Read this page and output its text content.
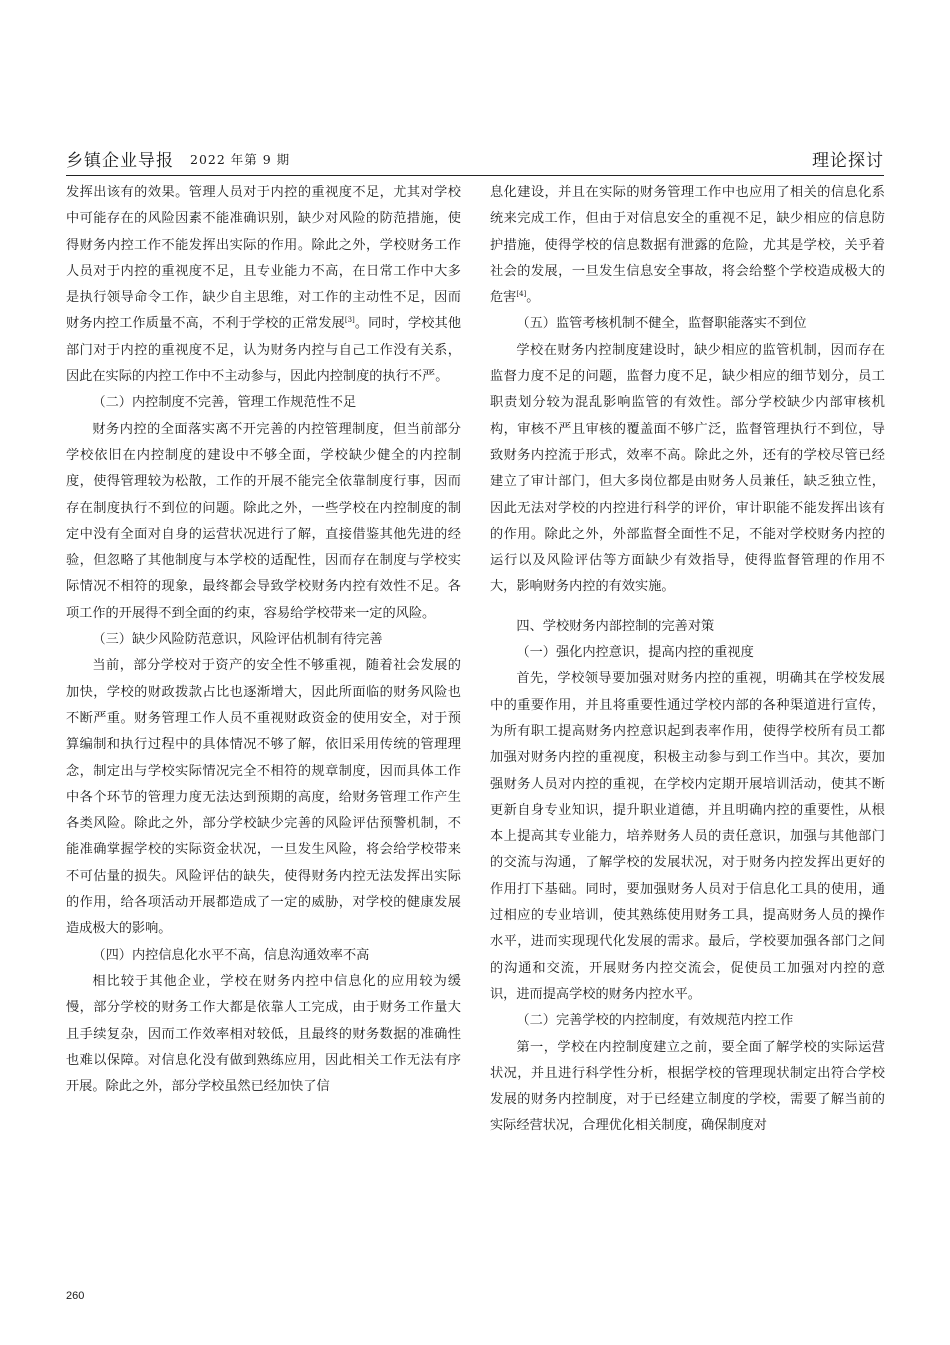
乡镇企业导报 2022 年第 9 期	理论探讨

发挥出该有的效果。管理人员对于内控的重视度不足，尤其对学校中可能存在的风险因素不能准确识别，缺少对风险的防范措施，使得财务内控工作不能发挥出实际的作用。除此之外，学校财务工作人员对于内控的重视度不足，且专业能力不高，在日常工作中大多是执行领导命令工作，缺少自主思维，对工作的主动性不足，因而财务内控工作质量不高，不利于学校的正常发展[3]。同时，学校其他部门对于内控的重视度不足，认为财务内控与自己工作没有关系，因此在实际的内控工作中不主动参与，因此内控制度的执行不严。

（二）内控制度不完善，管理工作规范性不足

财务内控的全面落实离不开完善的内控管理制度，但当前部分学校依旧在内控制度的建设中不够全面，学校缺少健全的内控制度，使得管理较为松散，工作的开展不能完全依靠制度行事，因而存在制度执行不到位的问题。除此之外，一些学校在内控制度的制定中没有全面对自身的运营状况进行了解，直接借鉴其他先进的经验，但忽略了其他制度与本学校的适配性，因而存在制度与学校实际情况不相符的现象，最终都会导致学校财务内控有效性不足。各项工作的开展得不到全面的约束，容易给学校带来一定的风险。

（三）缺少风险防范意识，风险评估机制有待完善

当前，部分学校对于资产的安全性不够重视，随着社会发展的加快，学校的财政拨款占比也逐渐增大，因此所面临的财务风险也不断严重。财务管理工作人员不重视财政资金的使用安全，对于预算编制和执行过程中的具体情况不够了解，依旧采用传统的管理理念，制定出与学校实际情况完全不相符的规章制度，因而具体工作中各个环节的管理力度无法达到预期的高度，给财务管理工作产生各类风险。除此之外，部分学校缺少完善的风险评估预警机制，不能准确掌握学校的实际资金状况，一旦发生风险，将会给学校带来不可估量的损失。风险评估的缺失，使得财务内控无法发挥出实际的作用，给各项活动开展都造成了一定的威胁，对学校的健康发展造成极大的影响。

（四）内控信息化水平不高，信息沟通效率不高

相比较于其他企业，学校在财务内控中信息化的应用较为缓慢，部分学校的财务工作大都是依靠人工完成，由于财务工作量大且手续复杂，因而工作效率相对较低，且最终的财务数据的准确性也难以保障。对信息化没有做到熟练应用，因此相关工作无法有序开展。除此之外，部分学校虽然已经加快了信

息化建设，并且在实际的财务管理工作中也应用了相关的信息化系统来完成工作，但由于对信息安全的重视不足，缺少相应的信息防护措施，使得学校的信息数据有泄露的危险，尤其是学校，关乎着社会的发展，一旦发生信息安全事故，将会给整个学校造成极大的危害[4]。

（五）监管考核机制不健全，监督职能落实不到位

学校在财务内控制度建设时，缺少相应的监管机制，因而存在监督力度不足的问题，监督力度不足，缺少相应的细节划分，员工职责划分较为混乱影响监管的有效性。部分学校缺少内部审核机构，审核不严且审核的覆盖面不够广泛，监督管理执行不到位，导致财务内控流于形式，效率不高。除此之外，还有的学校尽管已经建立了审计部门，但大多岗位都是由财务人员兼任，缺乏独立性，因此无法对学校的内控进行科学的评价，审计职能不能发挥出该有的作用。除此之外，外部监督全面性不足，不能对学校财务内控的运行以及风险评估等方面缺少有效指导，使得监督管理的作用不大，影响财务内控的有效实施。

四、学校财务内部控制的完善对策
（一）强化内控意识，提高内控的重视度

首先，学校领导要加强对财务内控的重视，明确其在学校发展中的重要作用，并且将重要性通过学校内部的各种渠道进行宣传，为所有职工提高财务内控意识起到表率作用，使得学校所有员工都加强对财务内控的重视度，积极主动参与到工作当中。其次，要加强财务人员对内控的重视，在学校内定期开展培训活动，使其不断更新自身专业知识，提升职业道德，并且明确内控的重要性，从根本上提高其专业能力，培养财务人员的责任意识，加强与其他部门的交流与沟通，了解学校的发展状况，对于财务内控发挥出更好的作用打下基础。同时，要加强财务人员对于信息化工具的使用，通过相应的专业培训，使其熟练使用财务工具，提高财务人员的操作水平，进而实现现代化发展的需求。最后，学校要加强各部门之间的沟通和交流，开展财务内控交流会，促使员工加强对内控的意识，进而提高学校的财务内控水平。

（二）完善学校的内控制度，有效规范内控工作

第一，学校在内控制度建立之前，要全面了解学校的实际运营状况，并且进行科学性分析，根据学校的管理现状制定出符合学校发展的财务内控制度，对于已经建立制度的学校，需要了解当前的实际经营状况，合理优化相关制度，确保制度对

260
